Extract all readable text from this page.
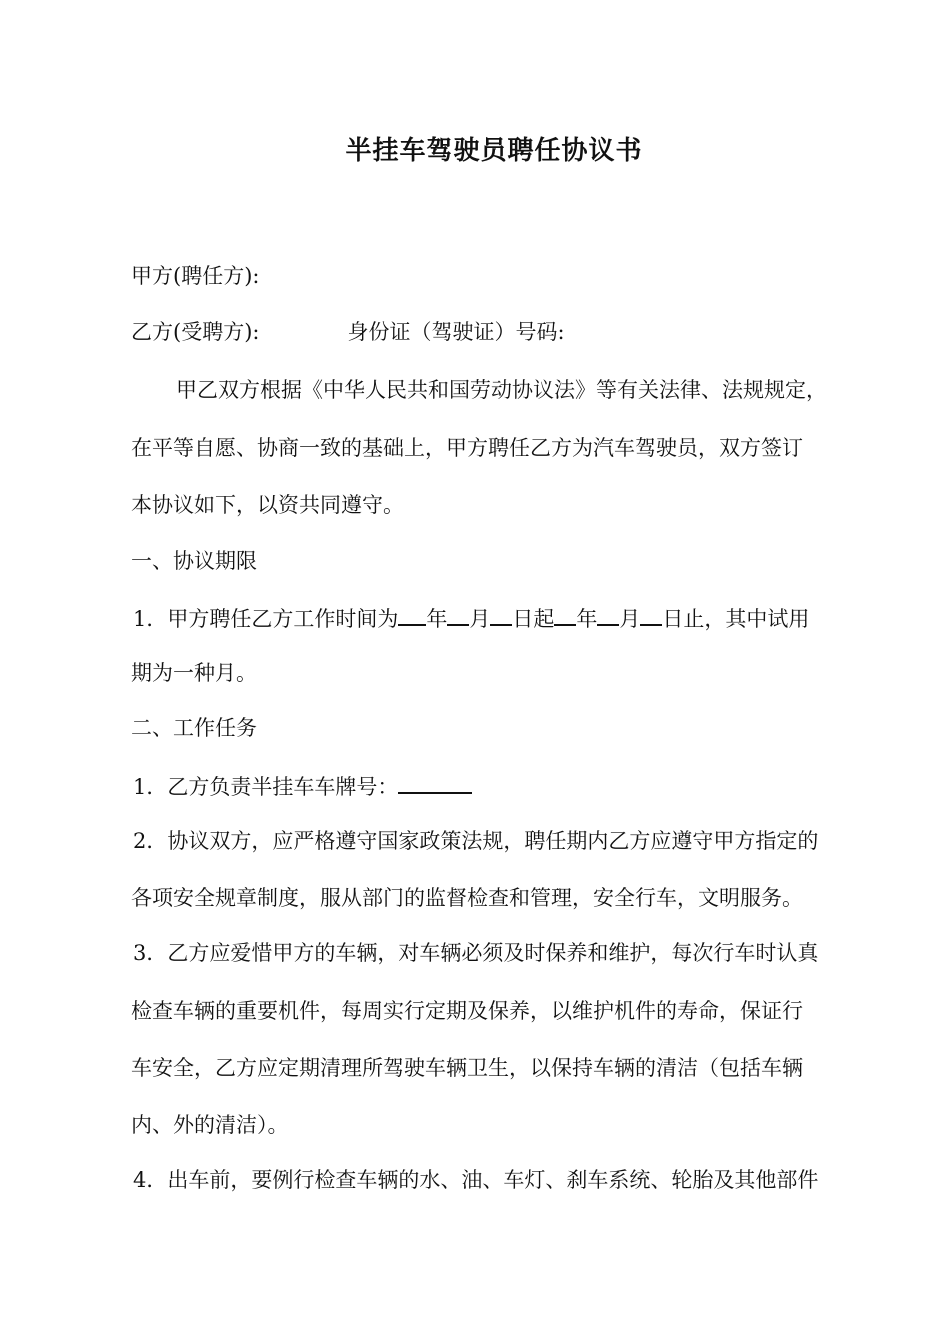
半挂车驾驶员聘任协议书
甲方(聘任方):
乙方(受聘方):	身份证（驾驶证）号码:
甲乙双方根据《中华人民共和国劳动协议法》等有关法律、法规规定，
在平等自愿、协商一致的基础上，甲方聘任乙方为汽车驾驶员，双方签订
本协议如下，以资共同遵守。
一、协议期限
1．甲方聘任乙方工作时间为 年 月 日起 年 月 日止，其中试用
期为一种月。
二、工作任务
1．乙方负责半挂车车牌号：
2．协议双方，应严格遵守国家政策法规，聘任期内乙方应遵守甲方指定的
各项安全规章制度，服从部门的监督检查和管理，安全行车，文明服务。
3．乙方应爱惜甲方的车辆，对车辆必须及时保养和维护，每次行车时认真
检查车辆的重要机件，每周实行定期及保养，以维护机件的寿命，保证行
车安全，乙方应定期清理所驾驶车辆卫生，以保持车辆的清洁（包括车辆
内、外的清洁）。
4．出车前，要例行检查车辆的水、油、车灯、刹车系统、轮胎及其他部件
